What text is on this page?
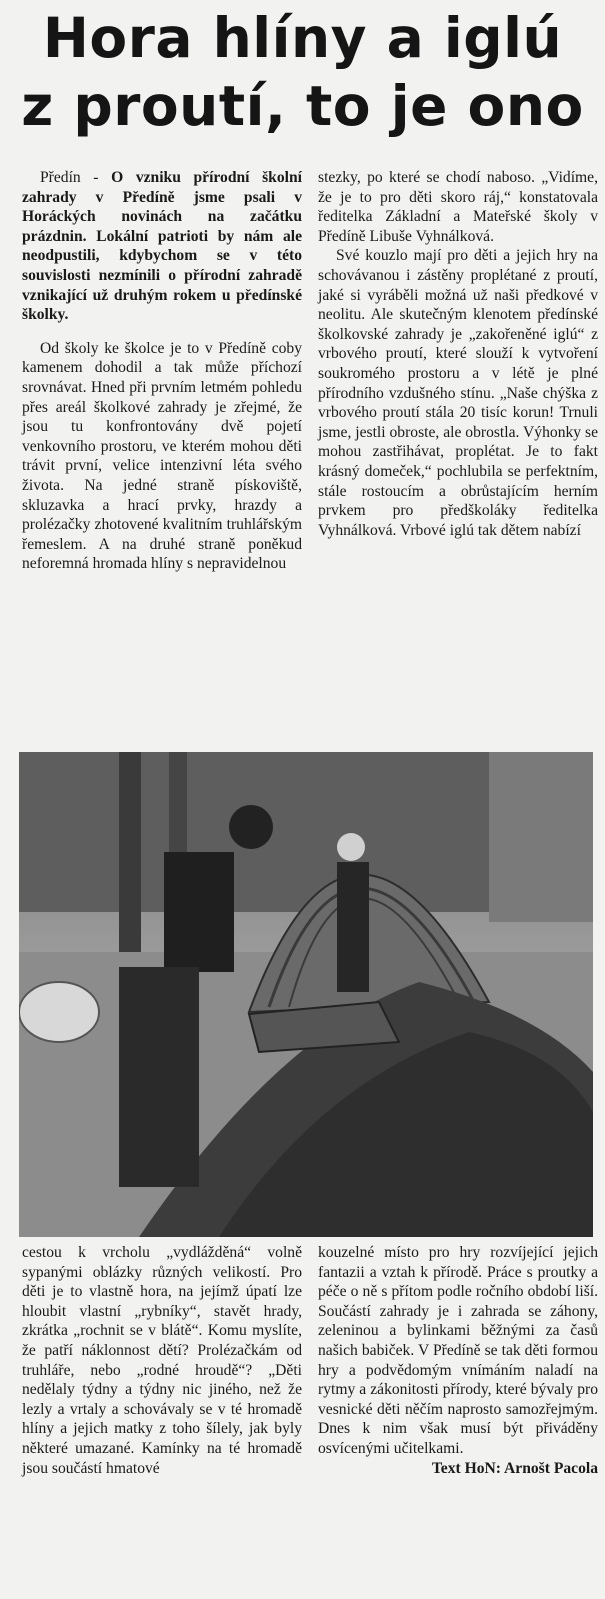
Hora hlíny a iglú
z proutí, to je ono

Předín - O vzniku přírodní školní zahrady v Předíně jsme psali v Horáckých novinách na začátku prázdnin. Lokální patrioti by nám ale neodpustili, kdybychom se v této souvislosti nezmínili o přírodní zahradě vznikající už druhým rokem u předínské školky.

Od školy ke školce je to v Předíně coby kamenem dohodil a tak může příchozí srovnávat. Hned při prvním letmém pohledu přes areál školkové zahrady je zřejmé, že jsou tu konfrontovány dvě pojetí venkovního prostoru, ve kterém mohou děti trávit první, velice intenzivní léta svého života. Na jedné straně pískoviště, skluzavka a hrací prvky, hrazdy a prolézačky zhotovené kvalitním truhlářským řemeslem. A na druhé straně poněkud neforemná hromada hlíny s nepravidelnou

stezky, po které se chodí naboso. „Vidíme, že je to pro děti skoro ráj,“ konstatovala ředitelka Základní a Mateřské školy v Předíně Libuše Vyhnálková.

Své kouzlo mají pro děti a jejich hry na schovávanou i zástěny proplétané z proutí, jaké si vyráběli možná už naši předkové v neolitu. Ale skutečným klenotem předínské školkovské zahrady je „zakořeněné iglú“ z vrbového proutí, které slouží k vytvoření soukromého prostoru a v létě je plné přírodního vzdušného stínu. „Naše chýška z vrbového proutí stála 20 tisíc korun! Trnuli jsme, jestli obroste, ale obrostla. Výhonky se mohou zastřihávat, proplétat. Je to fakt krásný domeček,“ pochlubila se perfektním, stále rostoucím a obrůstajícím herním prvkem pro předškoláky ředitelka Vyhnálková. Vrbové iglú tak dětem nabízí

cestou k vrcholu „vydlážděná“ volně sypanými oblázky různých velikostí. Pro děti je to vlastně hora, na jejímž úpatí lze hloubit vlastní „rybníky“, stavět hrady, zkrátka „rochnit se v blátě“. Komu myslíte, že patří náklonnost dětí? Prolézačkám od truhláře, nebo „rodné hroudě“? „Děti nedělaly týdny a týdny nic jiného, než že lezly a vrtaly a schovávaly se v té hromadě hlíny a jejich matky z toho šílely, jak byly některé umazané. Kamínky na té hromadě jsou součástí hmatové

kouzelné místo pro hry rozvíjející jejich fantazii a vztah k přírodě. Práce s proutky a péče o ně s přítom podle ročního období liší. Součástí zahrady je i zahrada se záhony, zeleninou a bylinkami běžnými za časů našich babiček. V Předíně se tak děti formou hry a podvědomým vnímáním naladí na rytmy a zákonitosti přírody, které bývaly pro vesnické děti něčím naprosto samozřejmým. Dnes k nim však musí být přiváděny osvícenými učitelkami.

Text HoN: Arnošt Pacola
